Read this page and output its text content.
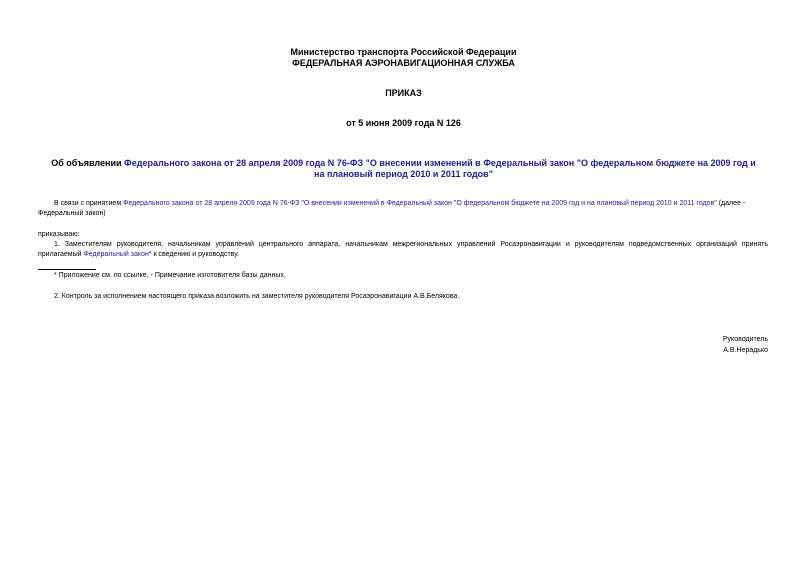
Министерство транспорта Российской Федерации
ФЕДЕРАЛЬНАЯ АЭРОНАВИГАЦИОННАЯ СЛУЖБА
ПРИКАЗ
от 5 июня 2009 года N 126
Об объявлении Федерального закона от 28 апреля 2009 года N 76-ФЗ "О внесении изменений в Федеральный закон "О федеральном бюджете на 2009 год и на плановый период 2010 и 2011 годов"
В связи с принятием Федерального закона от 28 апреля 2009 года N 76-ФЗ "О внесении изменений в Федеральный закон "О федеральном бюджете на 2009 год и на плановый период 2010 и 2011 годов" (далее - Федеральный закон)
приказываю:
1. Заместителям руководителя, начальникам управлений центрального аппарата, начальникам межрегиональных управлений Росаэронавигации и руководителям подведомственных организаций принять прилагаемый Федеральный закон* к сведению и руководству.
* Приложение см. по ссылке. - Примечание изготовителя базы данных.
2. Контроль за исполнением настоящего приказа возложить на заместителя руководителя Росаэронавигации А.В.Белякова.
Руководитель
А.В.Нерадько
